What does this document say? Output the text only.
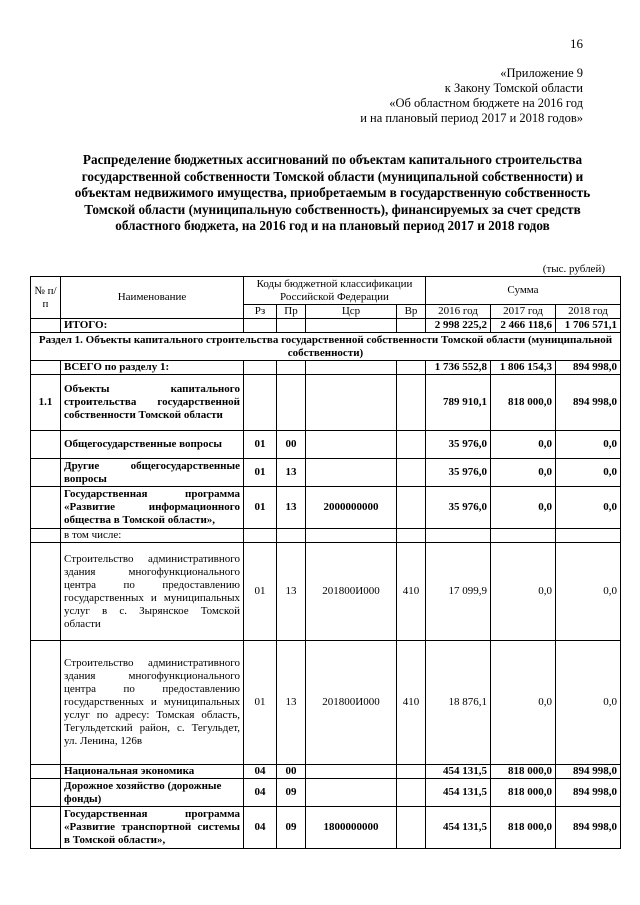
16
«Приложение 9
к Закону Томской области
«Об областном бюджете на 2016 год
и на плановый период 2017 и 2018 годов»
Распределение бюджетных ассигнований по объектам капитального строительства государственной собственности Томской области (муниципальной собственности) и объектам недвижимого имущества, приобретаемым в государственную собственность Томской области (муниципальную собственность), финансируемых за счет средств областного бюджета, на 2016 год и на плановый период 2017 и 2018 годов
(тыс. рублей)
№ п/п	Наименование	Коды бюджетной классификации Российской Федерации				Сумма		
		Рз	Пр	Цср	Вр	2016 год	2017 год	2018 год
	ИТОГО:					2 998 225,2	2 466 118,6	1 706 571,1
Раздел 1. Объекты капитального строительства государственной собственности Томской области (муниципальной собственности)								
	ВСЕГО по разделу 1:					1 736 552,8	1 806 154,3	894 998,0
1.1	Объекты капитального строительства государственной собственности Томской области					789 910,1	818 000,0	894 998,0
	Общегосударственные вопросы	01	00			35 976,0	0,0	0,0
	Другие общегосударственные вопросы	01	13			35 976,0	0,0	0,0
	Государственная программа «Развитие информационного общества в Томской области»,	01	13	2000000000		35 976,0	0,0	0,0
	в том числе:							
	Строительство административного здания многофункционального центра по предоставлению государственных и муниципальных услуг в с. Зырянское Томской области	01	13	201800И000	410	17 099,9	0,0	0,0
	Строительство административного здания многофункционального центра по предоставлению государственных и муниципальных услуг по адресу: Томская область, Тегульдетский район, с. Тегульдет, ул. Ленина, 126в	01	13	201800И000	410	18 876,1	0,0	0,0
	Национальная экономика	04	00			454 131,5	818 000,0	894 998,0
	Дорожное хозяйство (дорожные фонды)	04	09			454 131,5	818 000,0	894 998,0
	Государственная программа «Развитие транспортной системы в Томской области»,	04	09	1800000000		454 131,5	818 000,0	894 998,0
